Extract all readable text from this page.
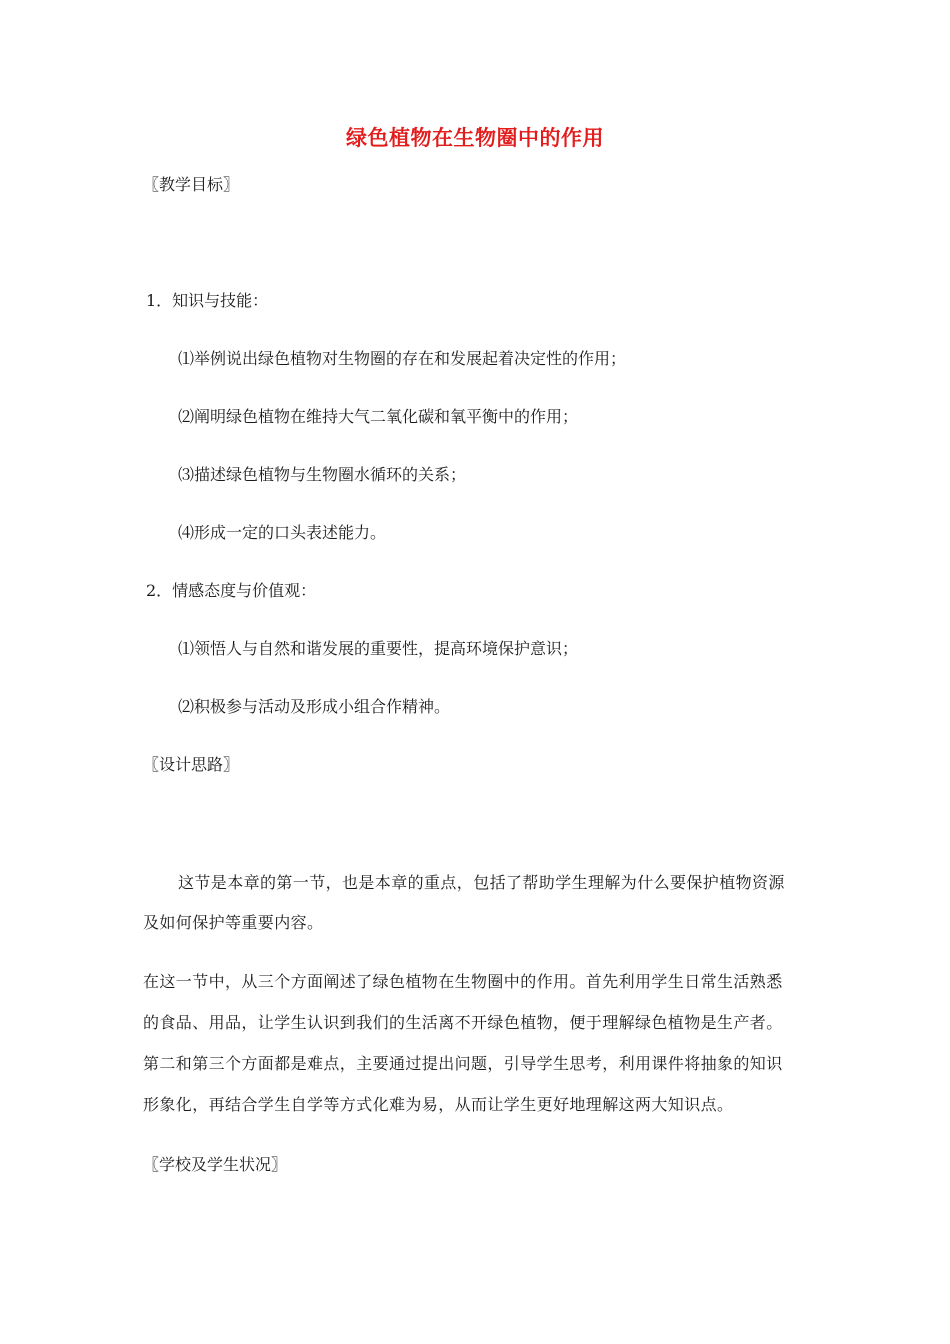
绿色植物在生物圈中的作用
〖教学目标〗
1．知识与技能：
⑴举例说出绿色植物对生物圈的存在和发展起着决定性的作用；
⑵阐明绿色植物在维持大气二氧化碳和氧平衡中的作用；
⑶描述绿色植物与生物圈水循环的关系；
⑷形成一定的口头表述能力。
2．情感态度与价值观：
⑴领悟人与自然和谐发展的重要性，提高环境保护意识；
⑵积极参与活动及形成小组合作精神。
〖设计思路〗
这节是本章的第一节，也是本章的重点，包括了帮助学生理解为什么要保护植物资源
及如何保护等重要内容。
在这一节中，从三个方面阐述了绿色植物在生物圈中的作用。首先利用学生日常生活熟悉
的食品、用品，让学生认识到我们的生活离不开绿色植物，便于理解绿色植物是生产者。
第二和第三个方面都是难点，主要通过提出问题，引导学生思考，利用课件将抽象的知识
形象化，再结合学生自学等方式化难为易，从而让学生更好地理解这两大知识点。
〖学校及学生状况〗
